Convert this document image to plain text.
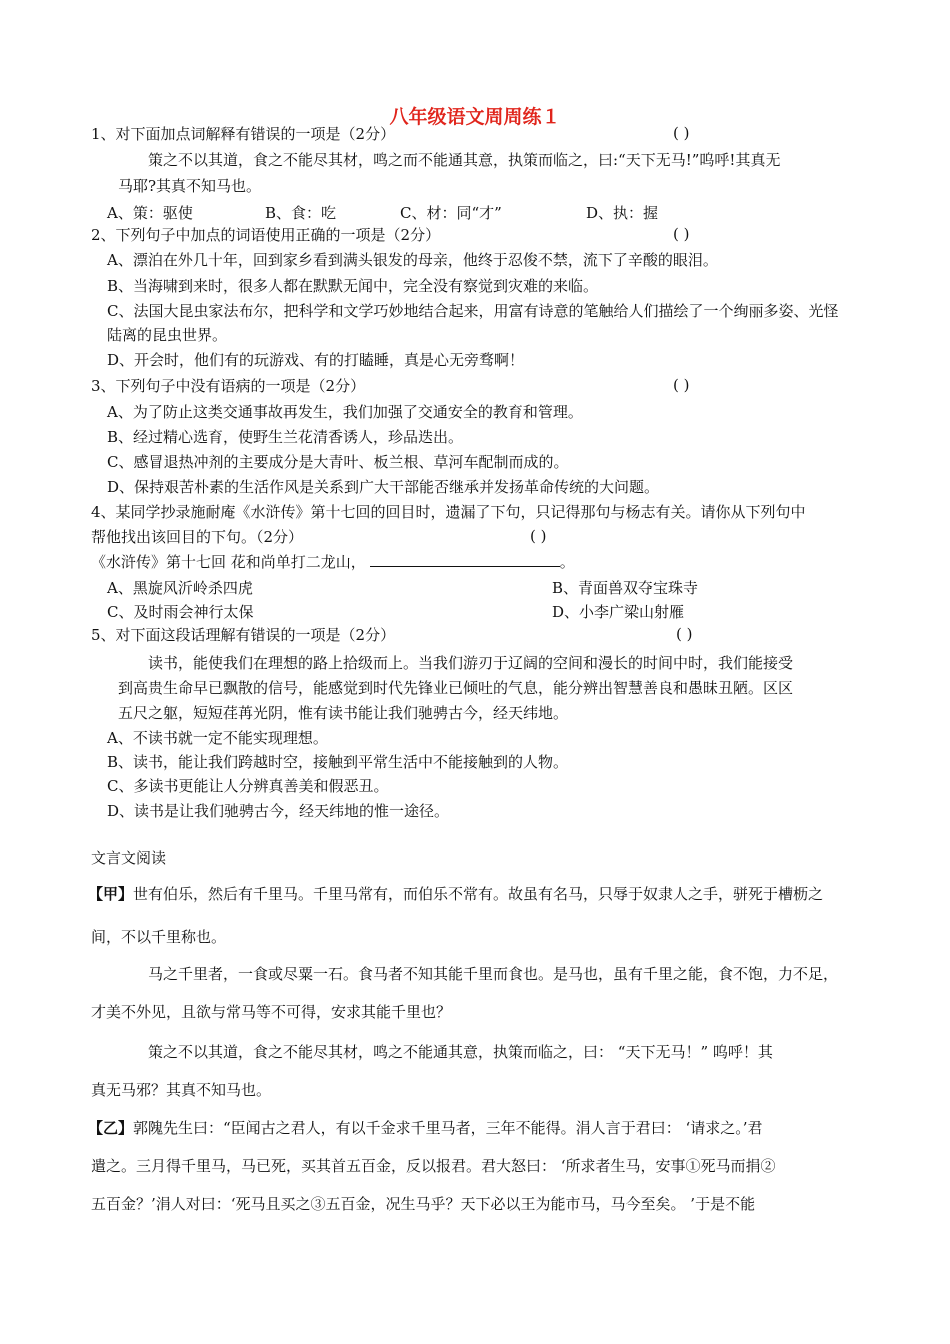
八年级语文周周练１
1、对下面加点词解释有错误的一项是（2分）	( )
策之不以其道，食之不能尽其材，鸣之而不能通其意，执策而临之，曰:“天下无马!”呜呼!其真无
马耶?其真不知马也。
A、策：驱使	B、食：吃	C、材：同“才”	D、执：握
2、下列句子中加点的词语使用正确的一项是（2分）	( )
A、漂泊在外几十年，回到家乡看到满头银发的母亲，他终于忍俊不禁，流下了辛酸的眼泪。
B、当海啸到来时，很多人都在默默无闻中，完全没有察觉到灾难的来临。
C、法国大昆虫家法布尔，把科学和文学巧妙地结合起来，用富有诗意的笔触给人们描绘了一个绚丽多姿、光怪
陆离的昆虫世界。
D、开会时，他们有的玩游戏、有的打瞌睡，真是心无旁骛啊！
3、下列句子中没有语病的一项是（2分）	( )
A、为了防止这类交通事故再发生，我们加强了交通安全的教育和管理。
B、经过精心选育，使野生兰花清香诱人，珍品迭出。
C、感冒退热冲剂的主要成分是大青叶、板兰根、草河车配制而成的。
D、保持艰苦朴素的生活作风是关系到广大干部能否继承并发扬革命传统的大问题。
4、某同学抄录施耐庵《水浒传》第十七回的回目时，遗漏了下句，只记得那句与杨志有关。请你从下列句中
帮他找出该回目的下句。（2分）	( )
《水浒传》第十七回 花和尚单打二龙山，	。
A、黑旋风沂岭杀四虎	B、青面兽双夺宝珠寺
C、及时雨会神行太保	D、小李广梁山射雁
5、对下面这段话理解有错误的一项是（2分）	( )
读书，能使我们在理想的路上拾级而上。当我们游刃于辽阔的空间和漫长的时间中时，我们能接受
到高贵生命早已飘散的信号，能感觉到时代先锋业已倾吐的气息，能分辨出智慧善良和愚昧丑陋。区区
五尺之躯，短短荏苒光阴，惟有读书能让我们驰骋古今，经天纬地。
A、不读书就一定不能实现理想。
B、读书，能让我们跨越时空，接触到平常生活中不能接触到的人物。
C、多读书更能让人分辨真善美和假恶丑。
D、读书是让我们驰骋古今，经天纬地的惟一途径。
文言文阅读
【甲】世有伯乐，然后有千里马。千里马常有，而伯乐不常有。故虽有名马，只辱于奴隶人之手，骈死于槽枥之
间，不以千里称也。
马之千里者，一食或尽粟一石。食马者不知其能千里而食也。是马也，虽有千里之能，食不饱，力不足，
才美不外见，且欲与常马等不可得，安求其能千里也？
策之不以其道，食之不能尽其材，鸣之不能通其意，执策而临之，曰： “天下无马！” 呜呼！其
真无马邪？其真不知马也。
【乙】郭隗先生曰：“臣闻古之君人，有以千金求千里马者，三年不能得。涓人言于君曰： ‘请求之。’君
遣之。三月得千里马，马已死，买其首五百金，反以报君。君大怒曰： ‘所求者生马，安事①死马而捐②
五百金？’涓人对曰：‘死马且买之③五百金，况生马乎？天下必以王为能市马，马今至矣。 ’于是不能
